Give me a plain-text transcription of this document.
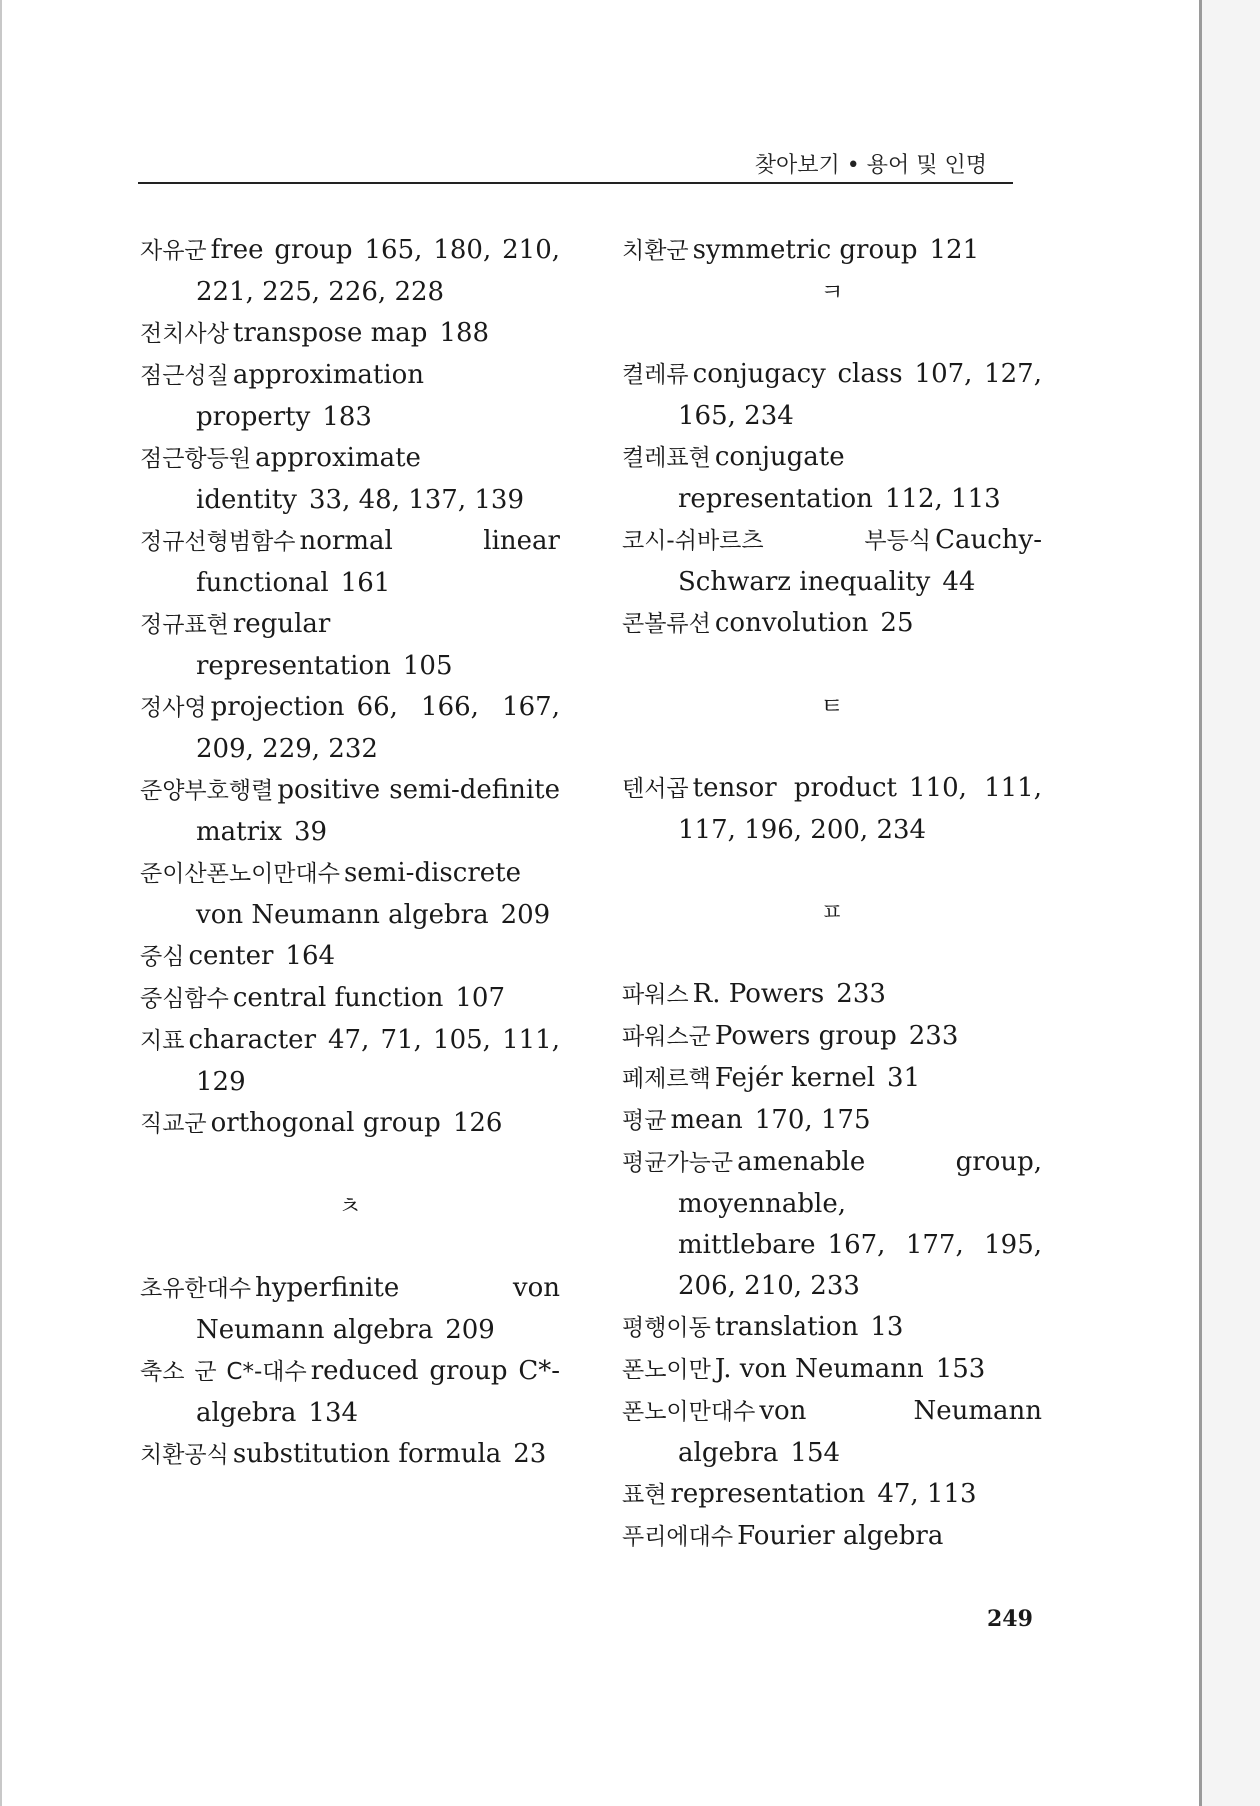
찾아보기 • 용어 및 인명
자유군 free group 165, 180, 210, 221, 225, 226, 228
전치사상 transpose map 188
점근성질 approximation property 183
점근항등원 approximate identity 33, 48, 137, 139
정규선형범함수 normal linear functional 161
정규표현 regular representation 105
정사영 projection 66, 166, 167, 209, 229, 232
준양부호행렬 positive semi-definite matrix 39
준이산폰노이만대수 semi-discrete von Neumann algebra 209
중심 center 164
중심함수 central function 107
지표 character 47, 71, 105, 111, 129
직교군 orthogonal group 126
ㅊ
초유한대수 hyperfinite von Neumann algebra 209
축소 군 C*-대수 reduced group C*-algebra 134
치환공식 substitution formula 23
치환군 symmetric group 121
ㅋ
켤레류 conjugacy class 107, 127, 165, 234
켤레표현 conjugate representation 112, 113
코시-쉬바르츠 부등식 Cauchy-Schwarz inequality 44
콘볼류션 convolution 25
ㅌ
텐서곱 tensor product 110, 111, 117, 196, 200, 234
ㅍ
파워스 R. Powers 233
파워스군 Powers group 233
페제르핵 Fejér kernel 31
평균 mean 170, 175
평균가능군 amenable group, moyennable, mittlebare 167, 177, 195, 206, 210, 233
평행이동 translation 13
폰노이만 J. von Neumann 153
폰노이만대수 von Neumann algebra 154
표현 representation 47, 113
푸리에대수 Fourier algebra
249
